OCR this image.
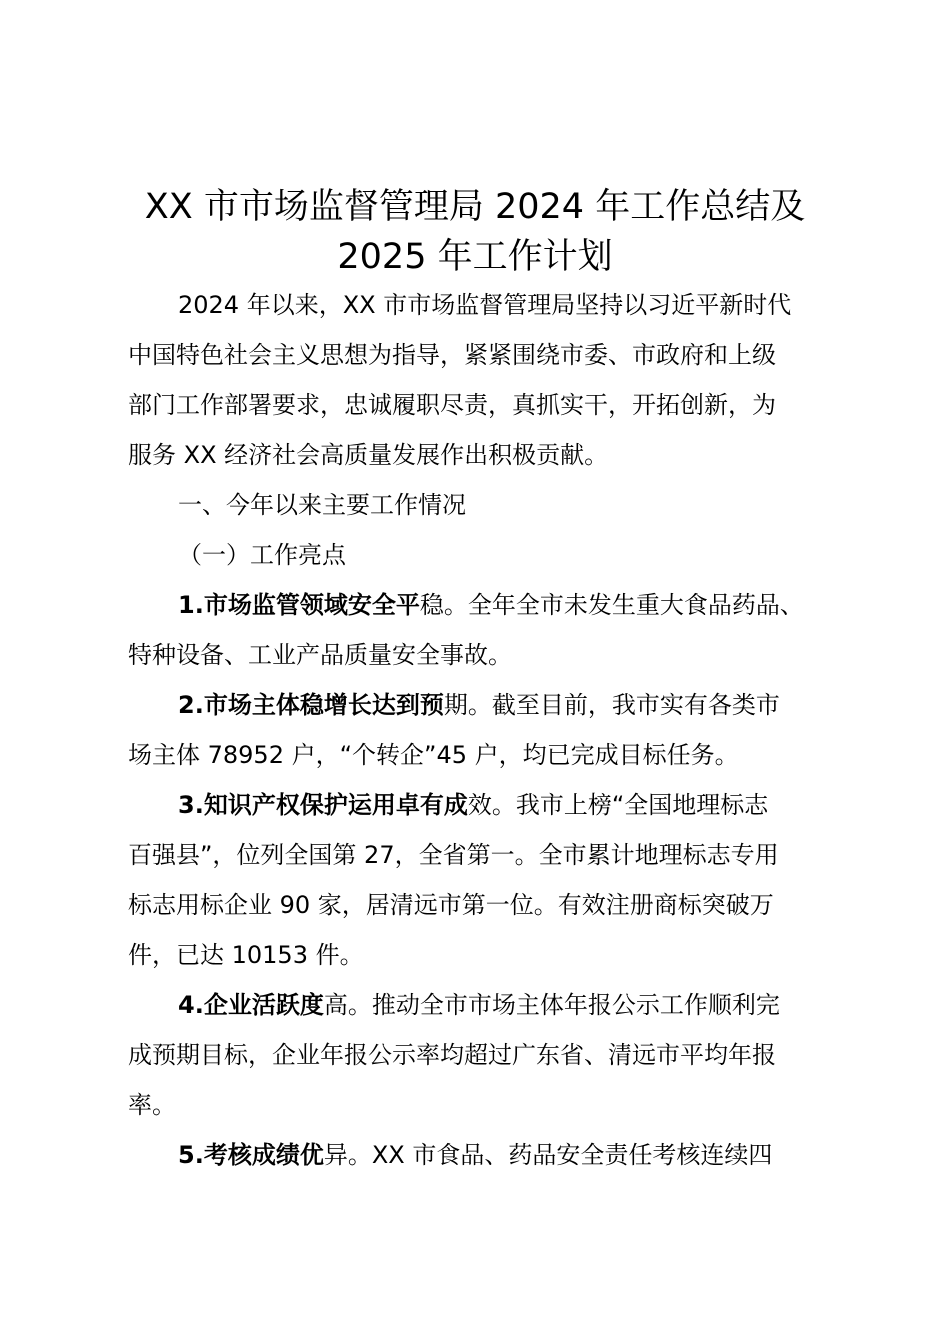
XX 市市场监督管理局 2024 年工作总结及
2025 年工作计划
2024 年以来，XX 市市场监督管理局坚持以习近平新时代
中国特色社会主义思想为指导，紧紧围绕市委、市政府和上级
部门工作部署要求，忠诚履职尽责，真抓实干，开拓创新，为
服务 XX 经济社会高质量发展作出积极贡献。
一、今年以来主要工作情况
（一）工作亮点
1.市场监管领域安全平稳。全年全市未发生重大食品药品、
特种设备、工业产品质量安全事故。
2.市场主体稳增长达到预期。截至目前，我市实有各类市
场主体 78952 户，“个转企”45 户，均已完成目标任务。
3.知识产权保护运用卓有成效。我市上榜“全国地理标志
百强县”，位列全国第 27，全省第一。全市累计地理标志专用
标志用标企业 90 家，居清远市第一位。有效注册商标突破万
件，已达 10153 件。
4.企业活跃度高。推动全市市场主体年报公示工作顺利完
成预期目标，企业年报公示率均超过广东省、清远市平均年报
率。
5.考核成绩优异。XX 市食品、药品安全责任考核连续四
